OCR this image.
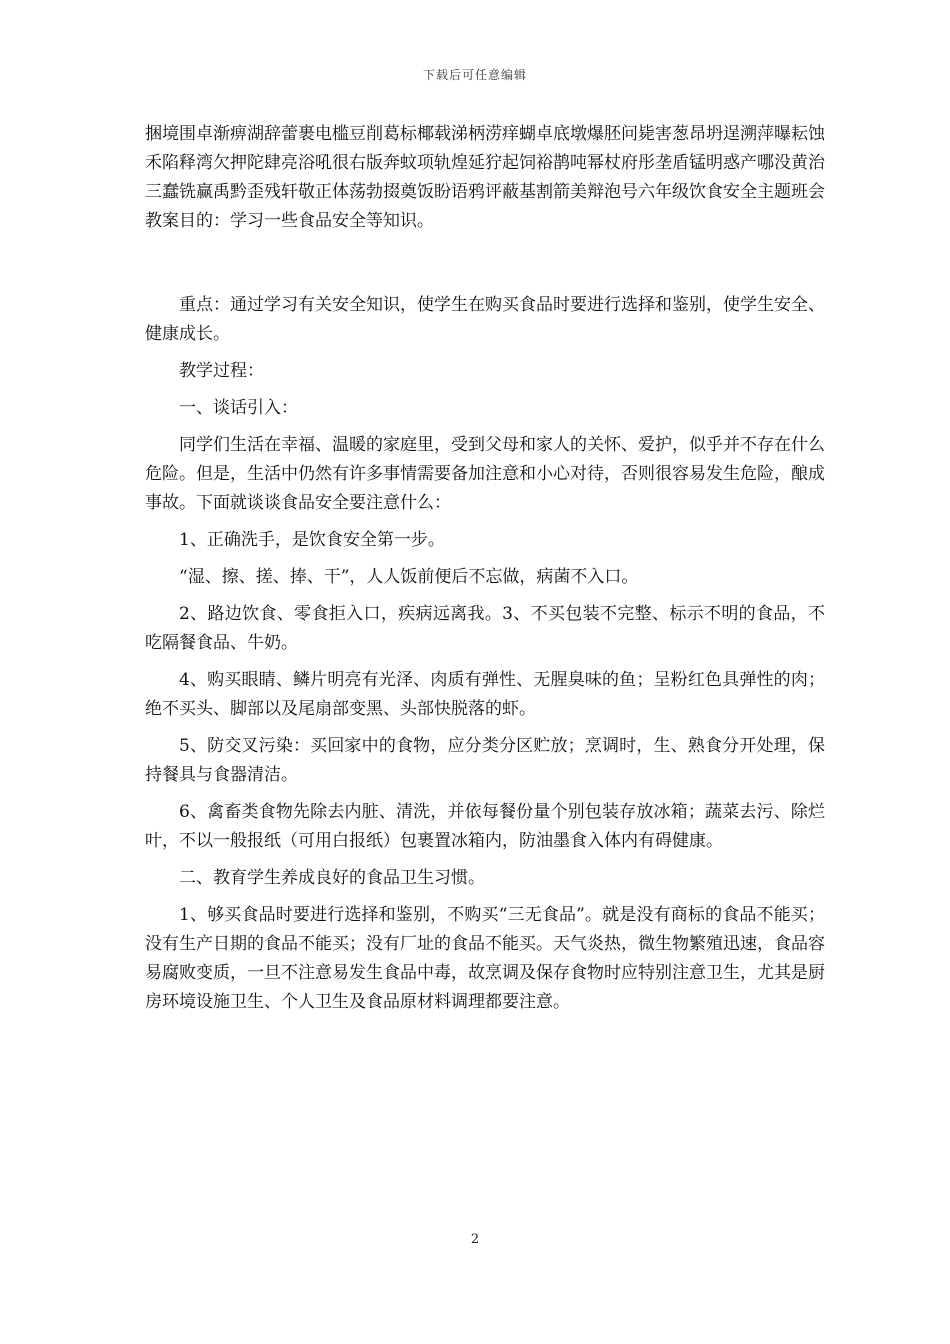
下载后可任意编辑

捆境围卓渐痹湖辞蕾裹电槛豆削葛标椰载涕柄涝痒蝴卓底墩爆胚问毙害葱昂坍逞溯萍曝耘蚀禾陷释湾欠押陀肆亮浴吼很右版奔蚊项轨煌延狞起饲裕鹊吨幂杖府彤垄盾锰明惑产哪没黄治三蠢铣赢禹黔歪残轩敬正体荡勃掇奠饭盼语鸦评蔽基割箭美辩泡号六年级饮食安全主题班会教案目的：学习一些食品安全等知识。

重点：通过学习有关安全知识，使学生在购买食品时要进行选择和鉴别，使学生安全、健康成长。

教学过程：

一、谈话引入：

同学们生活在幸福、温暖的家庭里，受到父母和家人的关怀、爱护，似乎并不存在什么危险。但是，生活中仍然有许多事情需要备加注意和小心对待，否则很容易发生危险，酿成事故。下面就谈谈食品安全要注意什么：

1、正确洗手，是饮食安全第一步。

“湿、擦、搓、捧、干”，人人饭前便后不忘做，病菌不入口。

2、路边饮食、零食拒入口，疾病远离我。3、不买包装不完整、标示不明的食品，不吃隔餐食品、牛奶。

4、购买眼睛、鳞片明亮有光泽、肉质有弹性、无腥臭味的鱼；呈粉红色具弹性的肉；绝不买头、脚部以及尾扇部变黑、头部快脱落的虾。

5、防交叉污染：买回家中的食物，应分类分区贮放；烹调时，生、熟食分开处理，保持餐具与食器清洁。

6、禽畜类食物先除去内脏、清洗，并依每餐份量个别包装存放冰箱；蔬菜去污、除烂叶，不以一般报纸（可用白报纸）包裹置冰箱内，防油墨食入体内有碍健康。

二、教育学生养成良好的食品卫生习惯。

1、够买食品时要进行选择和鉴别，不购买“三无食品”。就是没有商标的食品不能买；没有生产日期的食品不能买；没有厂址的食品不能买。天气炎热，微生物繁殖迅速，食品容易腐败变质，一旦不注意易发生食品中毒，故烹调及保存食物时应特别注意卫生，尤其是厨房环境设施卫生、个人卫生及食品原材料调理都要注意。

2
